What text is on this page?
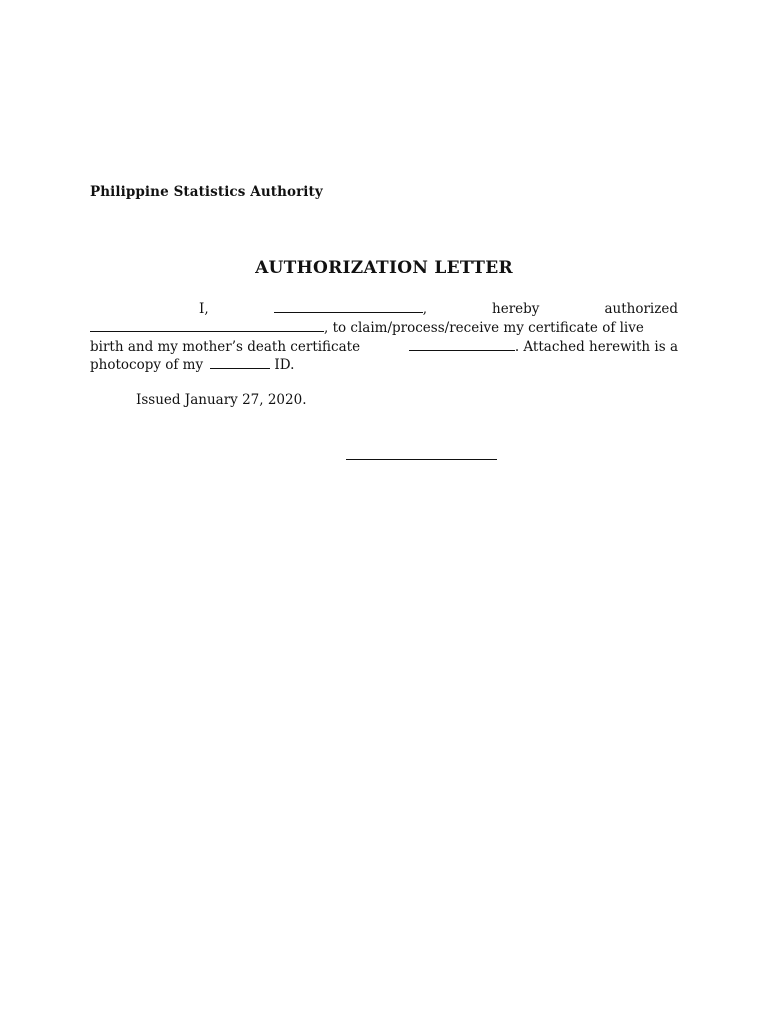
Philippine Statistics Authority
AUTHORIZATION LETTER
I,	,	hereby	authorized
, to claim/process/receive my certificate of live
birth and my mother’s death certificate	. Attached herewith is a
photocopy of my	ID.
Issued January 27, 2020.
